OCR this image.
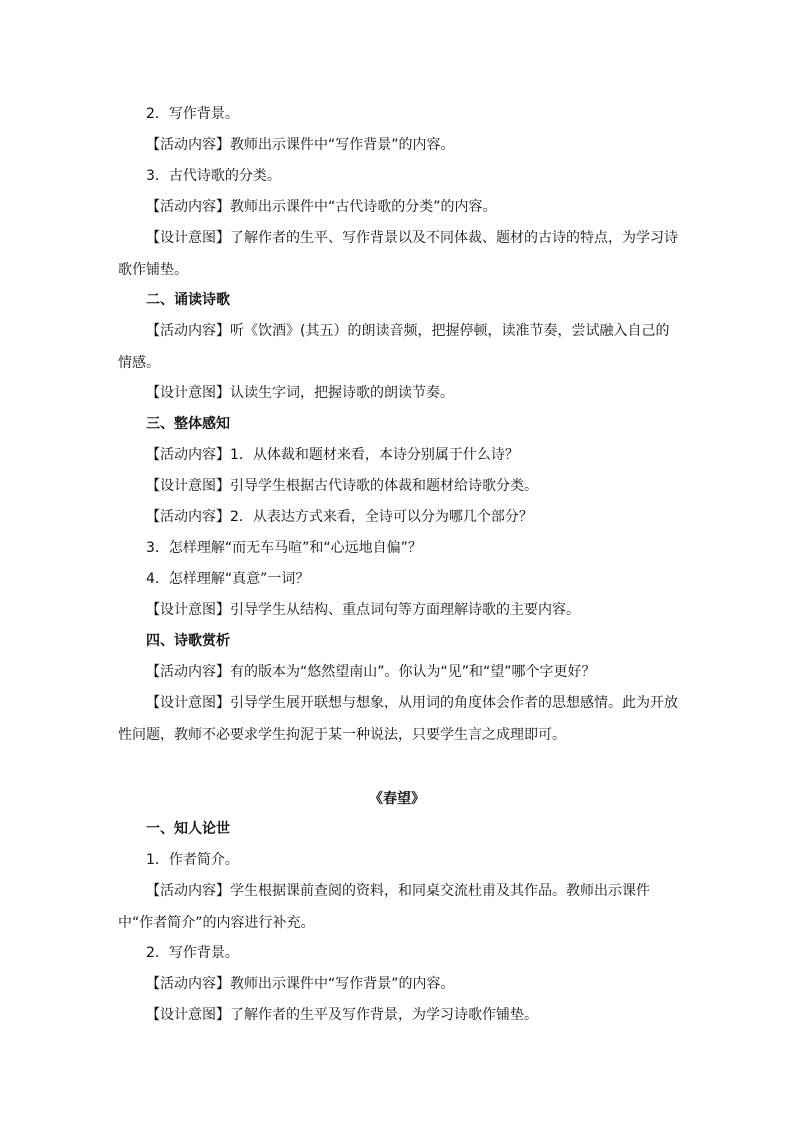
2．写作背景。
【活动内容】教师出示课件中“写作背景”的内容。
3．古代诗歌的分类。
【活动内容】教师出示课件中“古代诗歌的分类”的内容。
【设计意图】了解作者的生平、写作背景以及不同体裁、题材的古诗的特点，为学习诗歌作铺垫。
二、诵读诗歌
【活动内容】听《饮酒》(其五）的朗读音频，把握停顿，读准节奏，尝试融入自己的情感。
【设计意图】认读生字词，把握诗歌的朗读节奏。
三、整体感知
【活动内容】1．从体裁和题材来看，本诗分别属于什么诗？
【设计意图】引导学生根据古代诗歌的体裁和题材给诗歌分类。
【活动内容】2．从表达方式来看，全诗可以分为哪几个部分？
3．怎样理解“而无车马喧”和“心远地自偏”？
4．怎样理解“真意”一词？
【设计意图】引导学生从结构、重点词句等方面理解诗歌的主要内容。
四、诗歌赏析
【活动内容】有的版本为“悠然望南山”。你认为“见”和“望”哪个字更好？
【设计意图】引导学生展开联想与想象，从用词的角度体会作者的思想感情。此为开放性问题，教师不必要求学生拘泥于某一种说法，只要学生言之成理即可。
《春望》
一、知人论世
1．作者简介。
【活动内容】学生根据课前查阅的资料，和同桌交流杜甫及其作品。教师出示课件中“作者简介”的内容进行补充。
2．写作背景。
【活动内容】教师出示课件中“写作背景”的内容。
【设计意图】了解作者的生平及写作背景，为学习诗歌作铺垫。
